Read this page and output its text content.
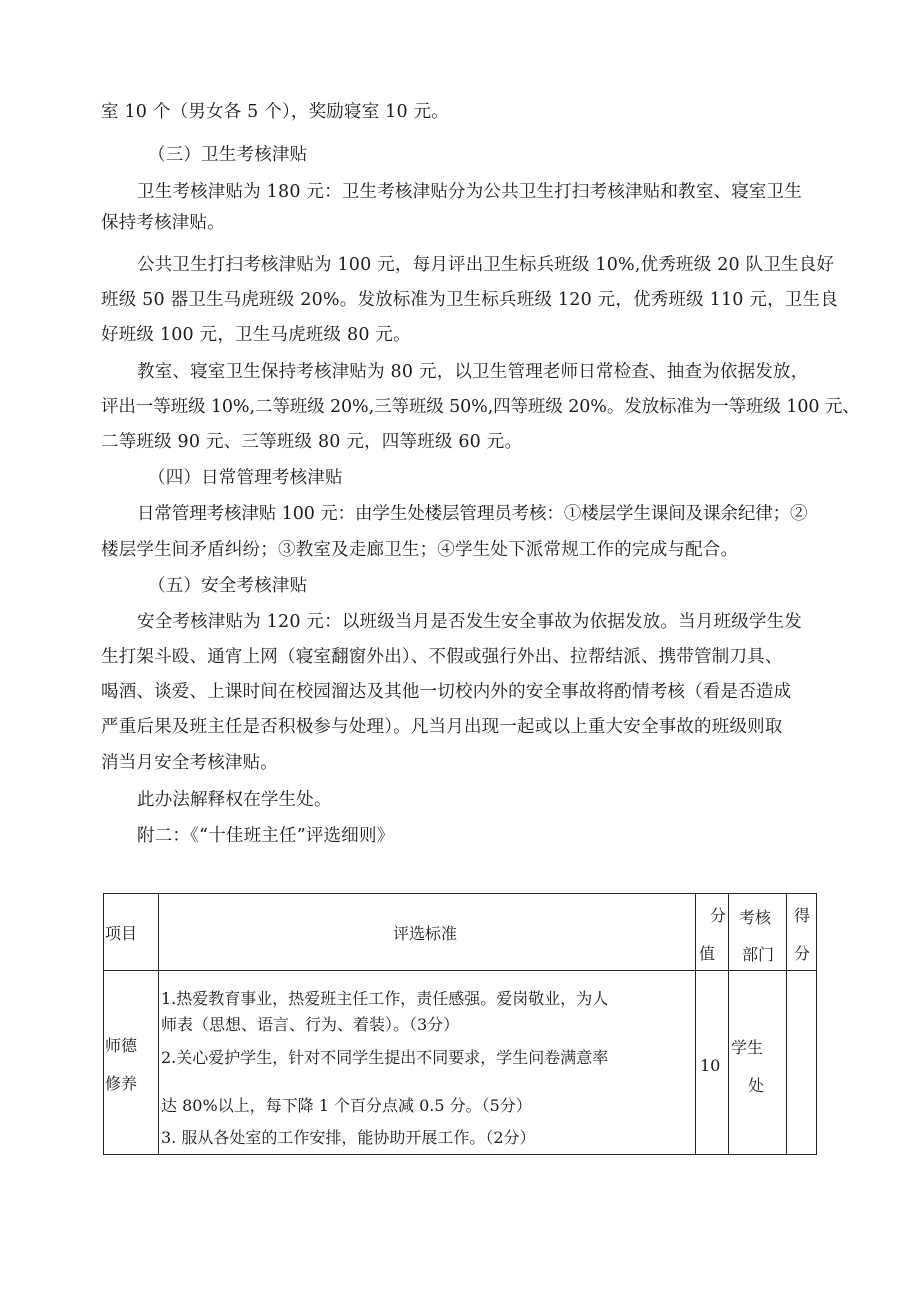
室 10 个（男女各 5 个），奖励寝室 10 元。
（三）卫生考核津贴
卫生考核津贴为 180 元：卫生考核津贴分为公共卫生打扫考核津贴和教室、寝室卫生
保持考核津贴。
公共卫生打扫考核津贴为 100 元，每月评出卫生标兵班级 10%,优秀班级 20 队卫生良好
班级 50 器卫生马虎班级 20%。发放标准为卫生标兵班级 120 元，优秀班级 110 元，卫生良
好班级 100 元，卫生马虎班级 80 元。
教室、寝室卫生保持考核津贴为 80 元，以卫生管理老师日常检查、抽查为依据发放，
评出一等班级 10%,二等班级 20%,三等班级 50%,四等班级 20%。发放标准为一等班级 100 元、
二等班级 90 元、三等班级 80 元，四等班级 60 元。
（四）日常管理考核津贴
日常管理考核津贴 100 元：由学生处楼层管理员考核：①楼层学生课间及课余纪律；②
楼层学生间矛盾纠纷；③教室及走廊卫生；④学生处下派常规工作的完成与配合。
（五）安全考核津贴
安全考核津贴为 120 元：以班级当月是否发生安全事故为依据发放。当月班级学生发
生打架斗殴、通宵上网（寝室翻窗外出）、不假或强行外出、拉帮结派、携带管制刀具、
喝酒、谈爱、上课时间在校园溜达及其他一切校内外的安全事故将酌情考核（看是否造成
严重后果及班主任是否积极参与处理）。凡当月出现一起或以上重大安全事故的班级则取
消当月安全考核津贴。
此办法解释权在学生处。
附二：《“十佳班主任”评选细则》
项目	评选标准
分
值
考核
部门
得
分
师德
修养
1.热爱教育事业，热爱班主任工作，责任感强。爱岗敬业，为人
师表（思想、语言、行为、着装）。（3分）
2.关心爱护学生，针对不同学生提出不同要求，学生问卷满意率
达 80%以上，每下降 1 个百分点减 0.5 分。（5分）
3. 服从各处室的工作安排，能协助开展工作。（2分）
10
学生
处
